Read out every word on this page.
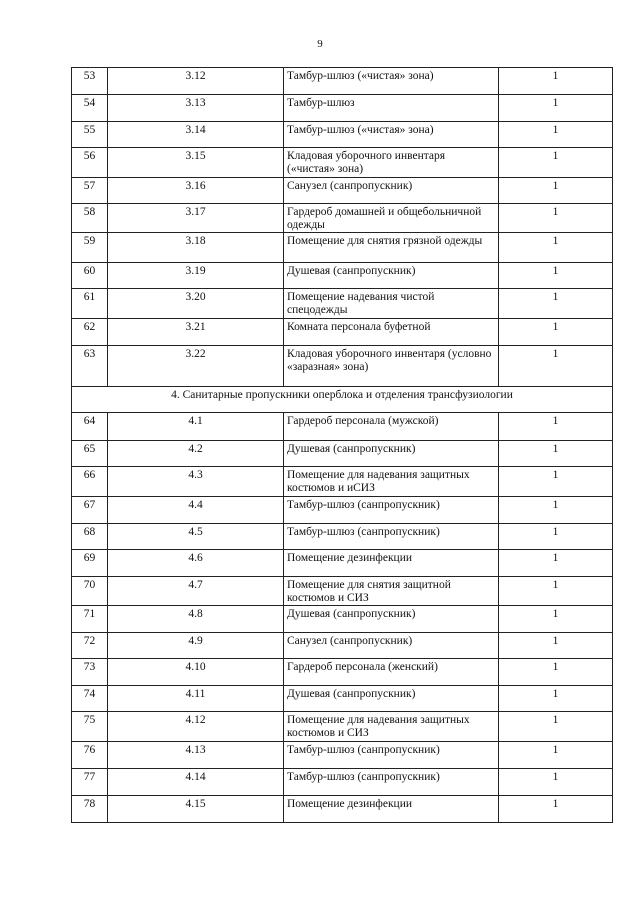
9
53	3.12	Тамбур-шлюз («чистая» зона)	1
54	3.13	Тамбур-шлюз	1
55	3.14	Тамбур-шлюз («чистая» зона)	1
56	3.15	Кладовая уборочного инвентаря («чистая» зона)	1
57	3.16	Санузел (санпропускник)	1
58	3.17	Гардероб домашней и общебольничной одежды	1
59	3.18	Помещение для снятия грязной одежды	1
60	3.19	Душевая (санпропускник)	1
61	3.20	Помещение надевания чистой спецодежды	1
62	3.21	Комната персонала буфетной	1
63	3.22	Кладовая уборочного инвентаря (условно «заразная» зона)	1
4. Санитарные пропускники оперблока и отделения трансфузиологии			
64	4.1	Гардероб персонала (мужской)	1
65	4.2	Душевая (санпропускник)	1
66	4.3	Помещение для надевания защитных костюмов и иСИЗ	1
67	4.4	Тамбур-шлюз (санпропускник)	1
68	4.5	Тамбур-шлюз (санпропускник)	1
69	4.6	Помещение дезинфекции	1
70	4.7	Помещение для снятия защитной костюмов и СИЗ	1
71	4.8	Душевая (санпропускник)	1
72	4.9	Санузел (санпропускник)	1
73	4.10	Гардероб персонала (женский)	1
74	4.11	Душевая (санпропускник)	1
75	4.12	Помещение для надевания защитных костюмов и СИЗ	1
76	4.13	Тамбур-шлюз (санпропускник)	1
77	4.14	Тамбур-шлюз (санпропускник)	1
78	4.15	Помещение дезинфекции	1
